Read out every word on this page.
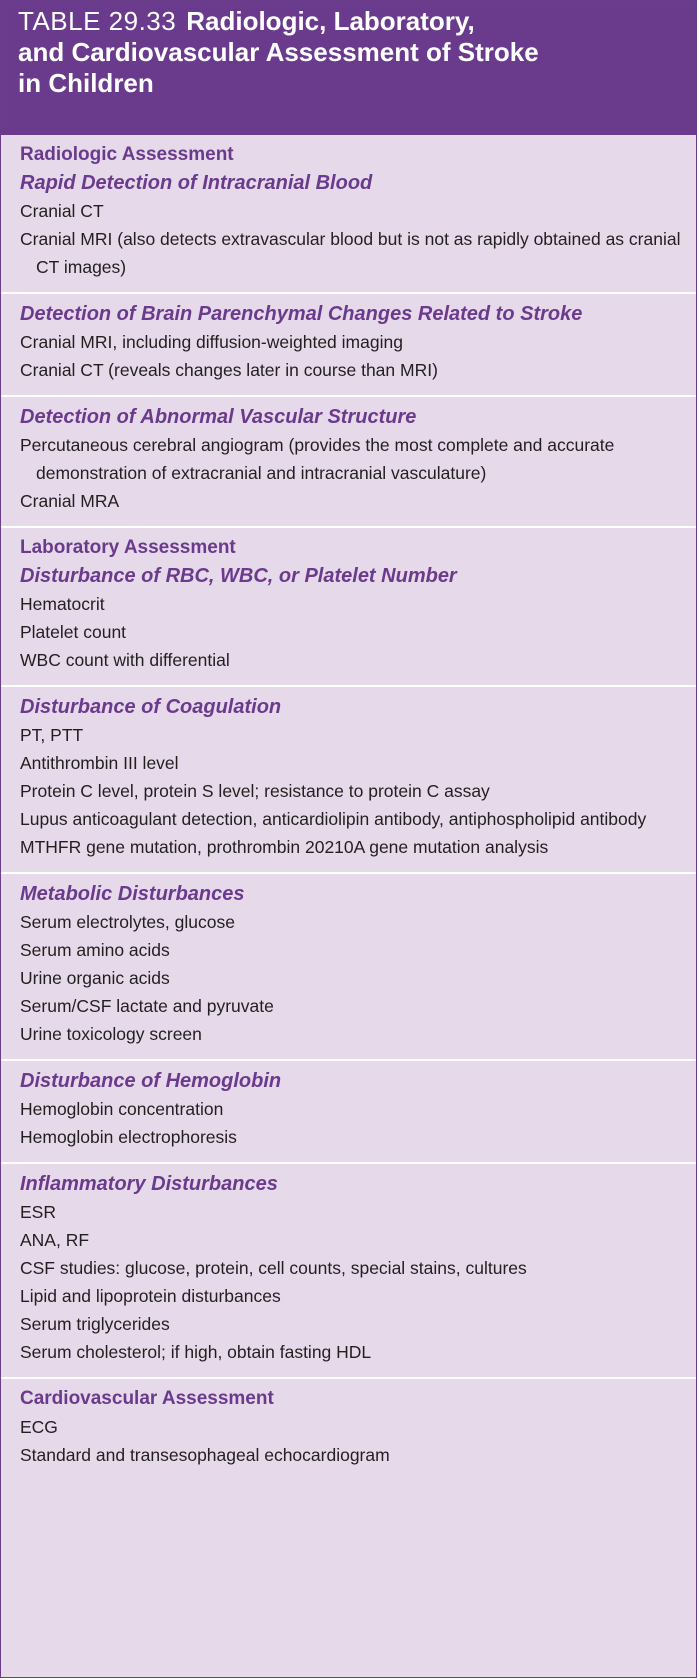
TABLE 29.33 Radiologic, Laboratory,
and Cardiovascular Assessment of Stroke
in Children
Radiologic Assessment
Rapid Detection of Intracranial Blood
Cranial CT
Cranial MRI (also detects extravascular blood but is not as rapidly obtained as cranial CT images)
Detection of Brain Parenchymal Changes Related to Stroke
Cranial MRI, including diffusion-weighted imaging
Cranial CT (reveals changes later in course than MRI)
Detection of Abnormal Vascular Structure
Percutaneous cerebral angiogram (provides the most complete and accurate demonstration of extracranial and intracranial vasculature)
Cranial MRA
Laboratory Assessment
Disturbance of RBC, WBC, or Platelet Number
Hematocrit
Platelet count
WBC count with differential
Disturbance of Coagulation
PT, PTT
Antithrombin III level
Protein C level, protein S level; resistance to protein C assay
Lupus anticoagulant detection, anticardiolipin antibody, antiphospholipid antibody
MTHFR gene mutation, prothrombin 20210A gene mutation analysis
Metabolic Disturbances
Serum electrolytes, glucose
Serum amino acids
Urine organic acids
Serum/CSF lactate and pyruvate
Urine toxicology screen
Disturbance of Hemoglobin
Hemoglobin concentration
Hemoglobin electrophoresis
Inflammatory Disturbances
ESR
ANA, RF
CSF studies: glucose, protein, cell counts, special stains, cultures
Lipid and lipoprotein disturbances
Serum triglycerides
Serum cholesterol; if high, obtain fasting HDL
Cardiovascular Assessment
ECG
Standard and transesophageal echocardiogram
